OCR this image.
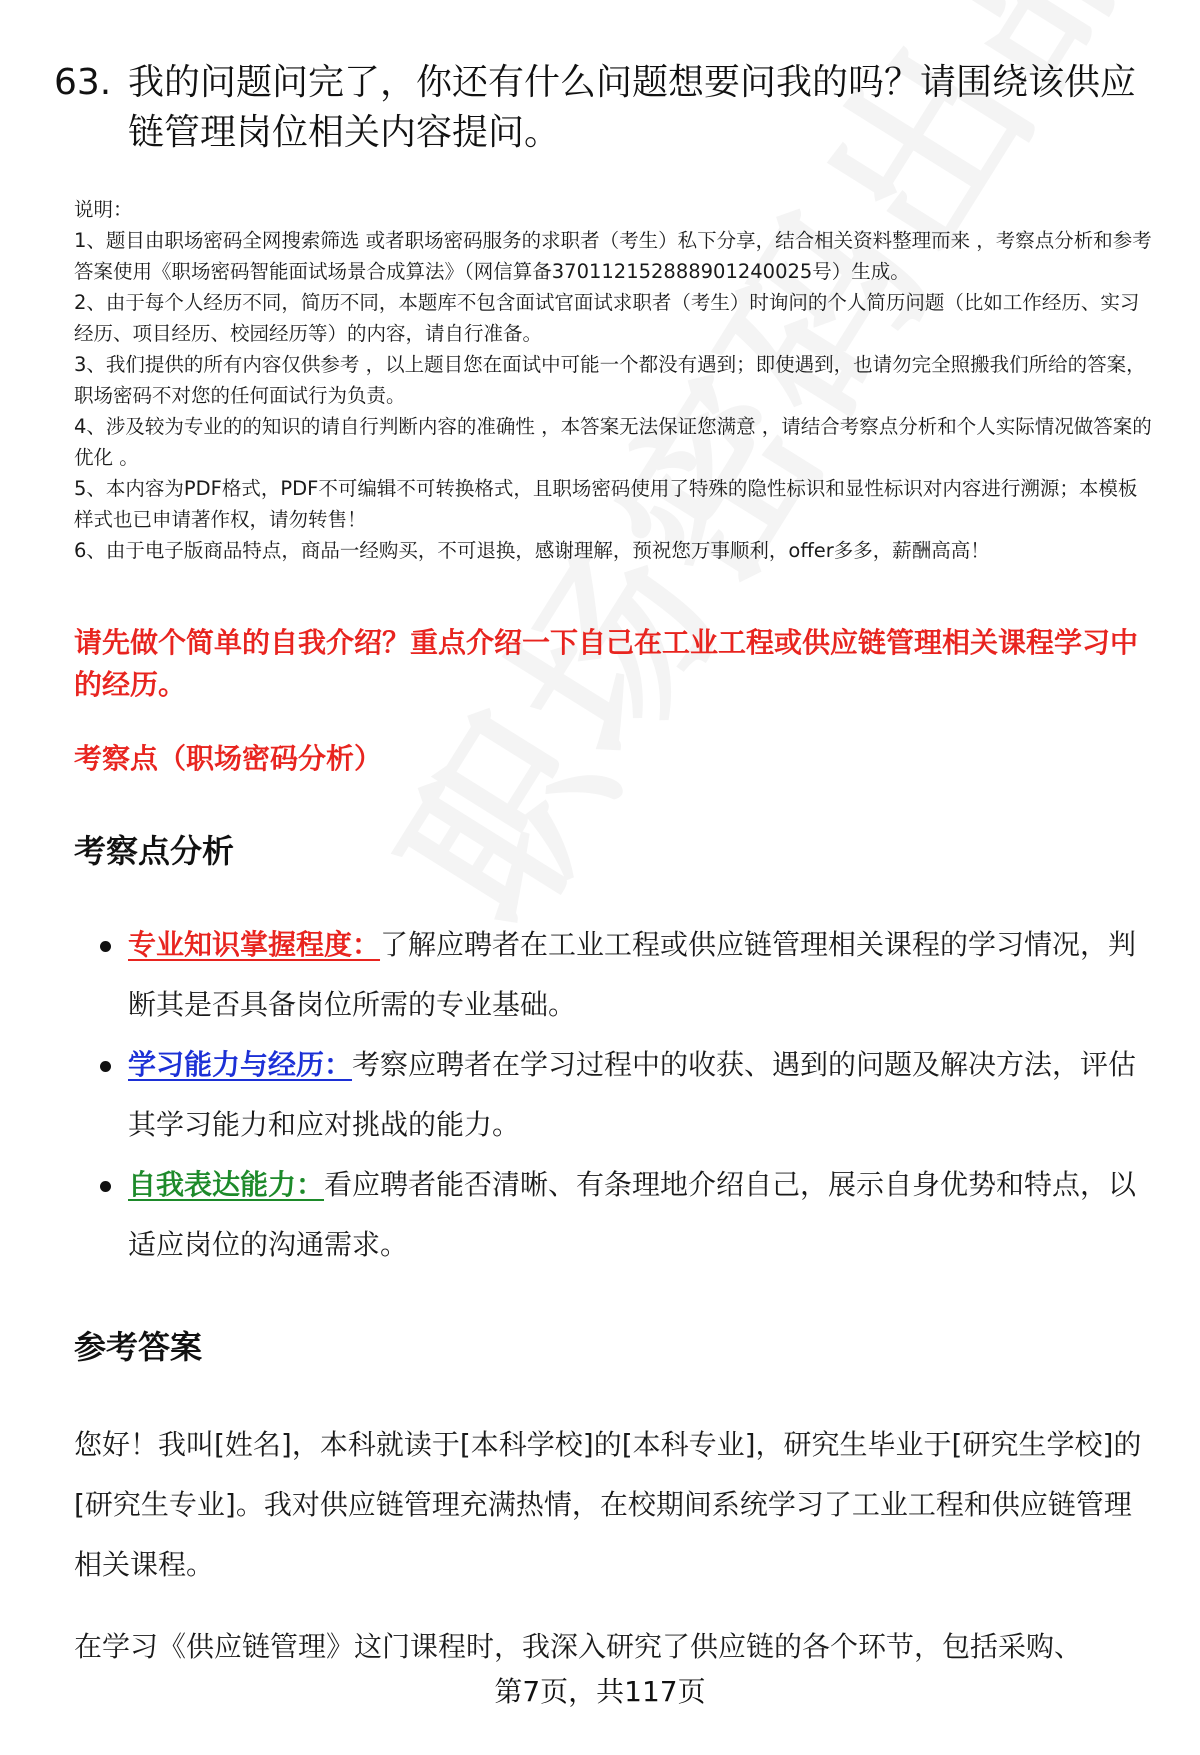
63. 我的问题问完了，你还有什么问题想要问我的吗？请围绕该供应链管理岗位相关内容提问。

说明：

1、题目由职场密码全网搜索筛选 或者职场密码服务的求职者（考生）私下分享，结合相关资料整理而来 ，考察点分析和参考答案使用《职场密码智能面试场景合成算法》（网信算备370112152888901240025号）生成。

2、由于每个人经历不同，简历不同，本题库不包含面试官面试求职者（考生）时询问的个人简历问题（比如工作经历、实习经历、项目经历、校园经历等）的内容，请自行准备。

3、我们提供的所有内容仅供参考 ，以上题目您在面试中可能一个都没有遇到；即使遇到，也请勿完全照搬我们所给的答案，职场密码不对您的任何面试行为负责。

4、涉及较为专业的的知识的请自行判断内容的准确性 ，本答案无法保证您满意 ，请结合考察点分析和个人实际情况做答案的优化 。

5、本内容为PDF格式，PDF不可编辑不可转换格式，且职场密码使用了特殊的隐性标识和显性标识对内容进行溯源；本模板样式也已申请著作权，请勿转售！

6、由于电子版商品特点，商品一经购买，不可退换，感谢理解，预祝您万事顺利，offer多多，薪酬高高！

请先做个简单的自我介绍？重点介绍一下自己在工业工程或供应链管理相关课程学习中的经历。
考察点（职场密码分析）
考察点分析
专业知识掌握程度：了解应聘者在工业工程或供应链管理相关课程的学习情况，判断其是否具备岗位所需的专业基础。
学习能力与经历：考察应聘者在学习过程中的收获、遇到的问题及解决方法，评估其学习能力和应对挑战的能力。
自我表达能力：看应聘者能否清晰、有条理地介绍自己，展示自身优势和特点，以适应岗位的沟通需求。
参考答案

您好！我叫[姓名]，本科就读于[本科学校]的[本科专业]，研究生毕业于[研究生学校]的[研究生专业]。我对供应链管理充满热情，在校期间系统学习了工业工程和供应链管理相关课程。

在学习《供应链管理》这门课程时，我深入研究了供应链的各个环节，包括采购、

第7页，共117页
